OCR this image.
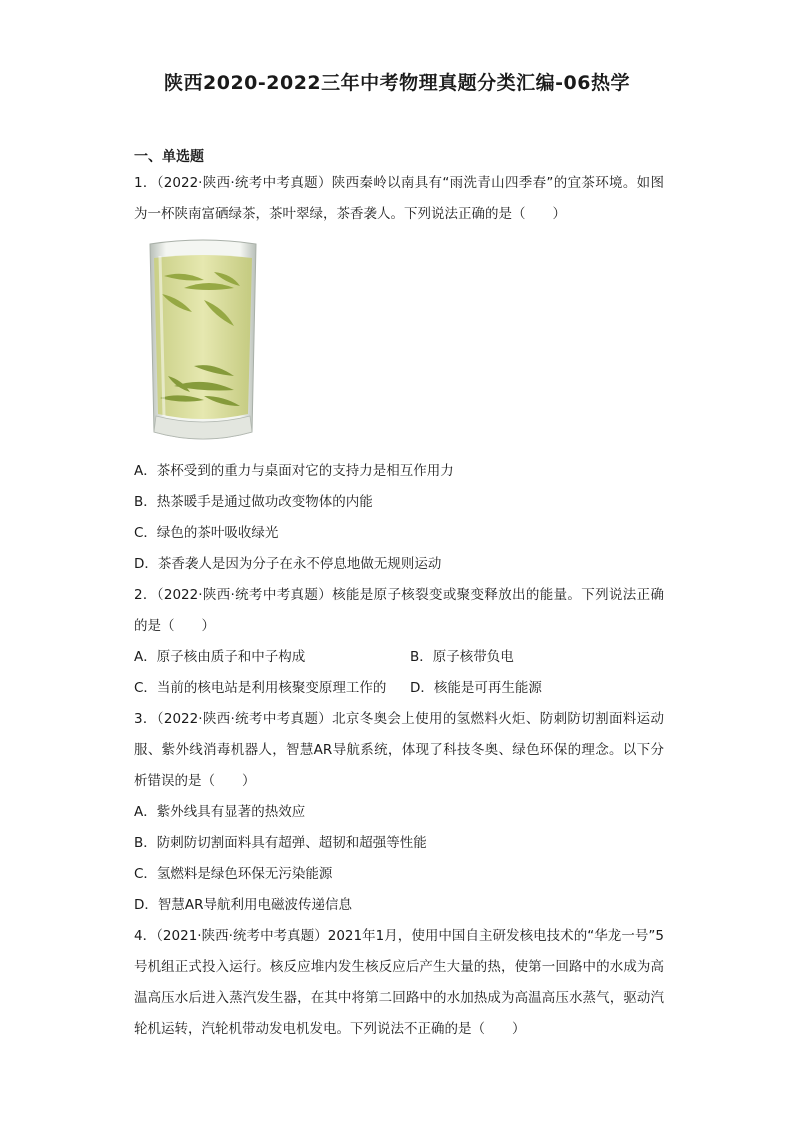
陕西2020-2022三年中考物理真题分类汇编-06热学
一、单选题

1．（2022·陕西·统考中考真题）陕西秦岭以南具有“雨洗青山四季春”的宜茶环境。如图为一杯陕南富硒绿茶，茶叶翠绿，茶香袭人。下列说法正确的是（　　）

A．茶杯受到的重力与桌面对它的支持力是相互作用力

B．热茶暖手是通过做功改变物体的内能

C．绿色的茶叶吸收绿光

D．茶香袭人是因为分子在永不停息地做无规则运动

2．（2022·陕西·统考中考真题）核能是原子核裂变或聚变释放出的能量。下列说法正确的是（　　）

A．原子核由质子和中子构成	B．原子核带负电

C．当前的核电站是利用核聚变原理工作的	D．核能是可再生能源

3．（2022·陕西·统考中考真题）北京冬奥会上使用的氢燃料火炬、防刺防切割面料运动服、紫外线消毒机器人，智慧AR导航系统，体现了科技冬奥、绿色环保的理念。以下分析错误的是（　　）

A．紫外线具有显著的热效应

B．防刺防切割面料具有超弹、超韧和超强等性能

C．氢燃料是绿色环保无污染能源

D．智慧AR导航利用电磁波传递信息

4．（2021·陕西·统考中考真题）2021年1月，使用中国自主研发核电技术的“华龙一号”5号机组正式投入运行。核反应堆内发生核反应后产生大量的热，使第一回路中的水成为高温高压水后进入蒸汽发生器，在其中将第二回路中的水加热成为高温高压水蒸气，驱动汽轮机运转，汽轮机带动发电机发电。下列说法不正确的是（　　）
